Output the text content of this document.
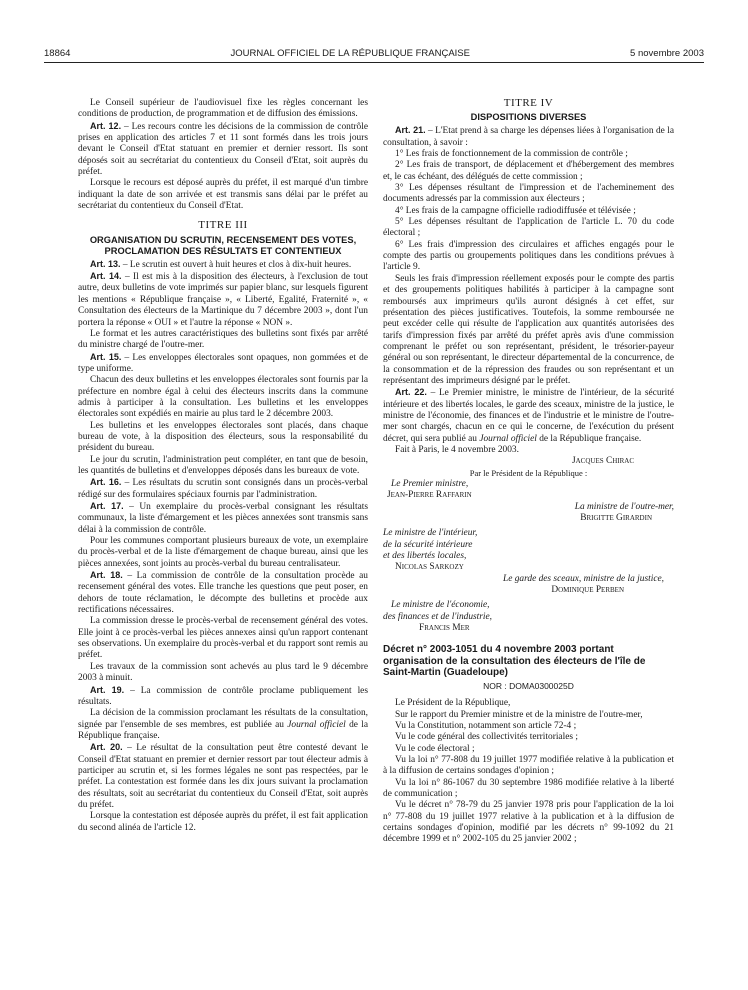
18864	JOURNAL OFFICIEL DE LA RÉPUBLIQUE FRANÇAISE	5 novembre 2003

Le Conseil supérieur de l'audiovisuel fixe les règles concernant les conditions de production, de programmation et de diffusion des émissions.

Art. 12. – Les recours contre les décisions de la commission de contrôle prises en application des articles 7 et 11 sont formés dans les trois jours devant le Conseil d'Etat statuant en premier et dernier ressort. Ils sont déposés soit au secrétariat du contentieux du Conseil d'Etat, soit auprès du préfet.

Lorsque le recours est déposé auprès du préfet, il est marqué d'un timbre indiquant la date de son arrivée et est transmis sans délai par le préfet au secrétariat du contentieux du Conseil d'Etat.

TITRE III

ORGANISATION DU SCRUTIN, RECENSEMENT DES VOTES, PROCLAMATION DES RÉSULTATS ET CONTENTIEUX

Art. 13. – Le scrutin est ouvert à huit heures et clos à dix-huit heures.

Art. 14. – Il est mis à la disposition des électeurs, à l'exclusion de tout autre, deux bulletins de vote imprimés sur papier blanc, sur lesquels figurent les mentions « République française », « Liberté, Egalité, Fraternité », « Consultation des électeurs de la Martinique du 7 décembre 2003 », dont l'un portera la réponse « OUI » et l'autre la réponse « NON ».

Le format et les autres caractéristiques des bulletins sont fixés par arrêté du ministre chargé de l'outre-mer.

Art. 15. – Les enveloppes électorales sont opaques, non gommées et de type uniforme.

Chacun des deux bulletins et les enveloppes électorales sont fournis par la préfecture en nombre égal à celui des électeurs inscrits dans la commune admis à participer à la consultation. Les bulletins et les enveloppes électorales sont expédiés en mairie au plus tard le 2 décembre 2003.

Les bulletins et les enveloppes électorales sont placés, dans chaque bureau de vote, à la disposition des électeurs, sous la responsabilité du président du bureau.

Le jour du scrutin, l'administration peut compléter, en tant que de besoin, les quantités de bulletins et d'enveloppes déposés dans les bureaux de vote.

Art. 16. – Les résultats du scrutin sont consignés dans un procès-verbal rédigé sur des formulaires spéciaux fournis par l'administration.

Art. 17. – Un exemplaire du procès-verbal consignant les résultats communaux, la liste d'émargement et les pièces annexées sont transmis sans délai à la commission de contrôle.

Pour les communes comportant plusieurs bureaux de vote, un exemplaire du procès-verbal et de la liste d'émargement de chaque bureau, ainsi que les pièces annexées, sont joints au procès-verbal du bureau centralisateur.

Art. 18. – La commission de contrôle de la consultation procède au recensement général des votes. Elle tranche les questions que peut poser, en dehors de toute réclamation, le décompte des bulletins et procède aux rectifications nécessaires.

La commission dresse le procès-verbal de recensement général des votes. Elle joint à ce procès-verbal les pièces annexes ainsi qu'un rapport contenant ses observations. Un exemplaire du procès-verbal et du rapport sont remis au préfet.

Les travaux de la commission sont achevés au plus tard le 9 décembre 2003 à minuit.

Art. 19. – La commission de contrôle proclame publiquement les résultats.

La décision de la commission proclamant les résultats de la consultation, signée par l'ensemble de ses membres, est publiée au Journal officiel de la République française.

Art. 20. – Le résultat de la consultation peut être contesté devant le Conseil d'Etat statuant en premier et dernier ressort par tout électeur admis à participer au scrutin et, si les formes légales ne sont pas respectées, par le préfet. La contestation est formée dans les dix jours suivant la proclamation des résultats, soit au secrétariat du contentieux du Conseil d'Etat, soit auprès du préfet.

Lorsque la contestation est déposée auprès du préfet, il est fait application du second alinéa de l'article 12.

TITRE IV

DISPOSITIONS DIVERSES

Art. 21. – L'Etat prend à sa charge les dépenses liées à l'organisation de la consultation, à savoir :

1° Les frais de fonctionnement de la commission de contrôle ;

2° Les frais de transport, de déplacement et d'hébergement des membres et, le cas échéant, des délégués de cette commission ;

3° Les dépenses résultant de l'impression et de l'acheminement des documents adressés par la commission aux électeurs ;

4° Les frais de la campagne officielle radiodiffusée et télévisée ;

5° Les dépenses résultant de l'application de l'article L. 70 du code électoral ;

6° Les frais d'impression des circulaires et affiches engagés pour le compte des partis ou groupements politiques dans les conditions prévues à l'article 9.

Seuls les frais d'impression réellement exposés pour le compte des partis et des groupements politiques habilités à participer à la campagne sont remboursés aux imprimeurs qu'ils auront désignés à cet effet, sur présentation des pièces justificatives. Toutefois, la somme remboursée ne peut excéder celle qui résulte de l'application aux quantités autorisées des tarifs d'impression fixés par arrêté du préfet après avis d'une commission comprenant le préfet ou son représentant, président, le trésorier-payeur général ou son représentant, le directeur départemental de la concurrence, de la consommation et de la répression des fraudes ou son représentant et un représentant des imprimeurs désigné par le préfet.

Art. 22. – Le Premier ministre, le ministre de l'intérieur, de la sécurité intérieure et des libertés locales, le garde des sceaux, ministre de la justice, le ministre de l'économie, des finances et de l'industrie et le ministre de l'outre-mer sont chargés, chacun en ce qui le concerne, de l'exécution du présent décret, qui sera publié au Journal officiel de la République française.

Fait à Paris, le 4 novembre 2003.

Jacques Chirac

Par le Président de la République :

Le Premier ministre,

Jean-Pierre Raffarin

La ministre de l'outre-mer,

Brigitte Girardin

Le ministre de l'intérieur,

de la sécurité intérieure

et des libertés locales,

Nicolas Sarkozy

Le garde des sceaux, ministre de la justice,

Dominique Perben

Le ministre de l'économie,

des finances et de l'industrie,

Francis Mer

Décret n° 2003-1051 du 4 novembre 2003 portant organisation de la consultation des électeurs de l'île de Saint-Martin (Guadeloupe)

NOR : DOMA0300025D

Le Président de la République,

Sur le rapport du Premier ministre et de la ministre de l'outre-mer,

Vu la Constitution, notamment son article 72-4 ;

Vu le code général des collectivités territoriales ;

Vu le code électoral ;

Vu la loi n° 77-808 du 19 juillet 1977 modifiée relative à la publication et à la diffusion de certains sondages d'opinion ;

Vu la loi n° 86-1067 du 30 septembre 1986 modifiée relative à la liberté de communication ;

Vu le décret n° 78-79 du 25 janvier 1978 pris pour l'application de la loi n° 77-808 du 19 juillet 1977 relative à la publication et à la diffusion de certains sondages d'opinion, modifié par les décrets n° 99-1092 du 21 décembre 1999 et n° 2002-105 du 25 janvier 2002 ;
